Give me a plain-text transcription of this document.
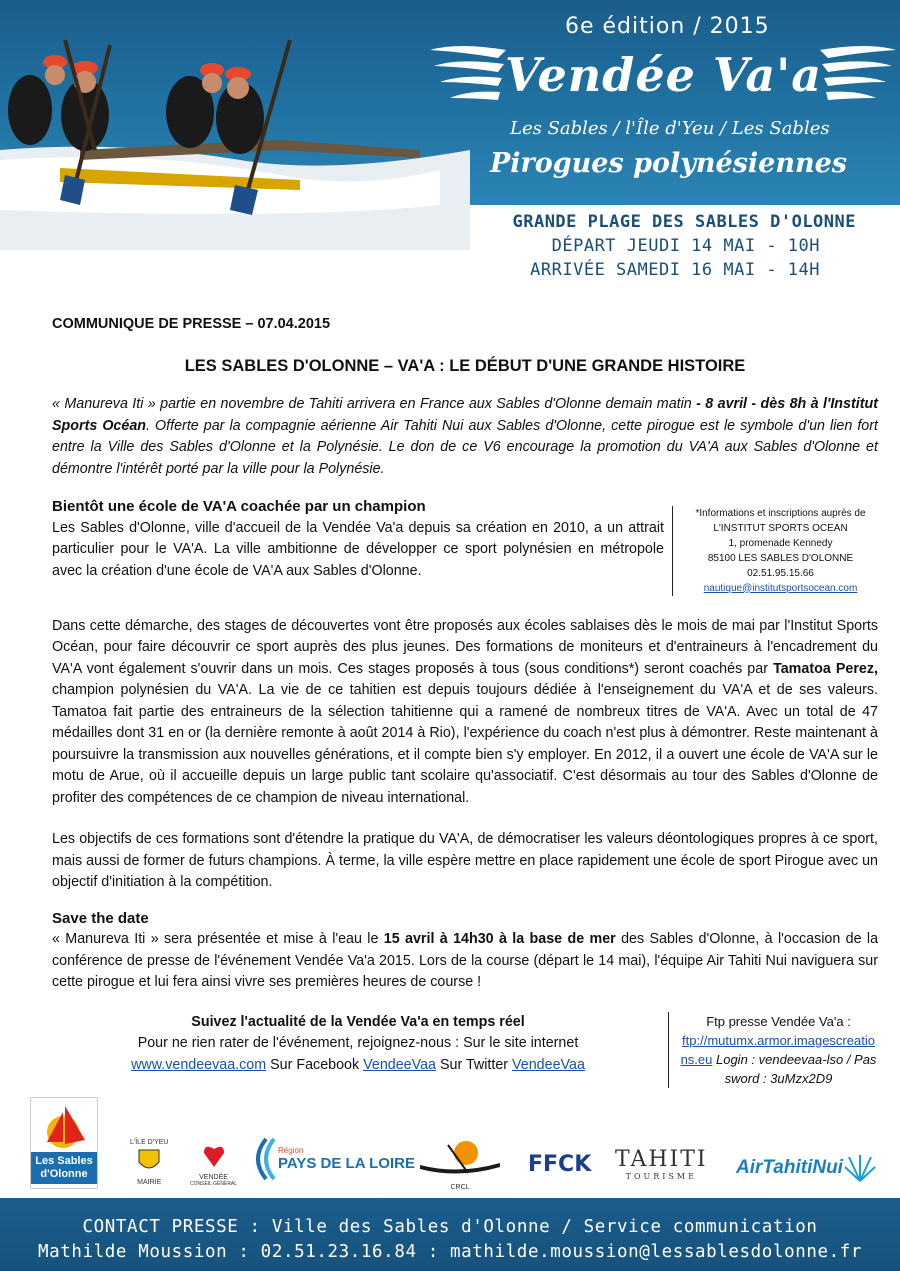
6e édition / 2015
Vendée Va'a
Les Sables / l'Île d'Yeu / Les Sables
Pirogues polynésiennes
GRANDE PLAGE DES SABLES D'OLONNE
DÉPART JEUDI 14 MAI - 10H
ARRIVÉE SAMEDI 16 MAI - 14H
COMMUNIQUE DE PRESSE – 07.04.2015
LES SABLES D'OLONNE – VA'A : LE DÉBUT D'UNE GRANDE HISTOIRE

« Manureva Iti » partie en novembre de Tahiti arrivera en France aux Sables d'Olonne demain matin - 8 avril - dès 8h à l'Institut Sports Océan. Offerte par la compagnie aérienne Air Tahiti Nui aux Sables d'Olonne, cette pirogue est le symbole d'un lien fort entre la Ville des Sables d'Olonne et la Polynésie. Le don de ce V6 encourage la promotion du VA'A aux Sables d'Olonne et démontre l'intérêt porté par la ville pour la Polynésie.

Bientôt une école de VA'A coachée par un champion

Les Sables d'Olonne, ville d'accueil de la Vendée Va'a depuis sa création en 2010, a un attrait particulier pour le VA'A. La ville ambitionne de développer ce sport polynésien en métropole avec la création d'une école de VA'A aux Sables d'Olonne.

*Informations et inscriptions auprès de
L'INSTITUT SPORTS OCEAN
1, promenade Kennedy
85100 LES SABLES D'OLONNE
02.51.95.15.66
nautique@institutsportsocean.com

Dans cette démarche, des stages de découvertes vont être proposés aux écoles sablaises dès le mois de mai par l'Institut Sports Océan, pour faire découvrir ce sport auprès des plus jeunes. Des formations de moniteurs et d'entraineurs à l'encadrement du VA'A vont également s'ouvrir dans un mois. Ces stages proposés à tous (sous conditions*) seront coachés par Tamatoa Perez, champion polynésien du VA'A. La vie de ce tahitien est depuis toujours dédiée à l'enseignement du VA'A et de ses valeurs. Tamatoa fait partie des entraineurs de la sélection tahitienne qui a ramené de nombreux titres de VA'A. Avec un total de 47 médailles dont 31 en or (la dernière remonte à août 2014 à Rio), l'expérience du coach n'est plus à démontrer. Reste maintenant à poursuivre la transmission aux nouvelles générations, et il compte bien s'y employer. En 2012, il a ouvert une école de VA'A sur le motu de Arue, où il accueille depuis un large public tant scolaire qu'associatif. C'est désormais au tour des Sables d'Olonne de profiter des compétences de ce champion de niveau international.

Les objectifs de ces formations sont d'étendre la pratique du VA'A, de démocratiser les valeurs déontologiques propres à ce sport, mais aussi de former de futurs champions. À terme, la ville espère mettre en place rapidement une école de sport Pirogue avec un objectif d'initiation à la compétition.

Save the date

« Manureva Iti » sera présentée et mise à l'eau le 15 avril à 14h30 à la base de mer des Sables d'Olonne, à l'occasion de la conférence de presse de l'événement Vendée Va'a 2015. Lors de la course (départ le 14 mai), l'équipe Air Tahiti Nui naviguera sur cette pirogue et lui fera ainsi vivre ses premières heures de course !

Suivez l'actualité de la Vendée Va'a en temps réel
Pour ne rien rater de l'événement, rejoignez-nous : Sur le site internet
www.vendeevaa.com Sur Facebook VendeeVaa Sur Twitter VendeeVaa
Ftp presse Vendée Va'a :
ftp://mutumx.armor.imagescreations.eu Login : vendeevaa-lso / Password : 3uMzx2D9
Les Sables d'Olonne
L'ÎLE D'YEU
MAIRIE
VENDÉE
CONSEIL GÉNÉRAL
Région
PAYS DE LA LOIRE
CRCL
FFCK TAHITI
TOURISME	AirTahitiNui
CONTACT PRESSE : Ville des Sables d'Olonne / Service communication
Mathilde Moussion : 02.51.23.16.84 : mathilde.moussion@lessablesdolonne.fr
